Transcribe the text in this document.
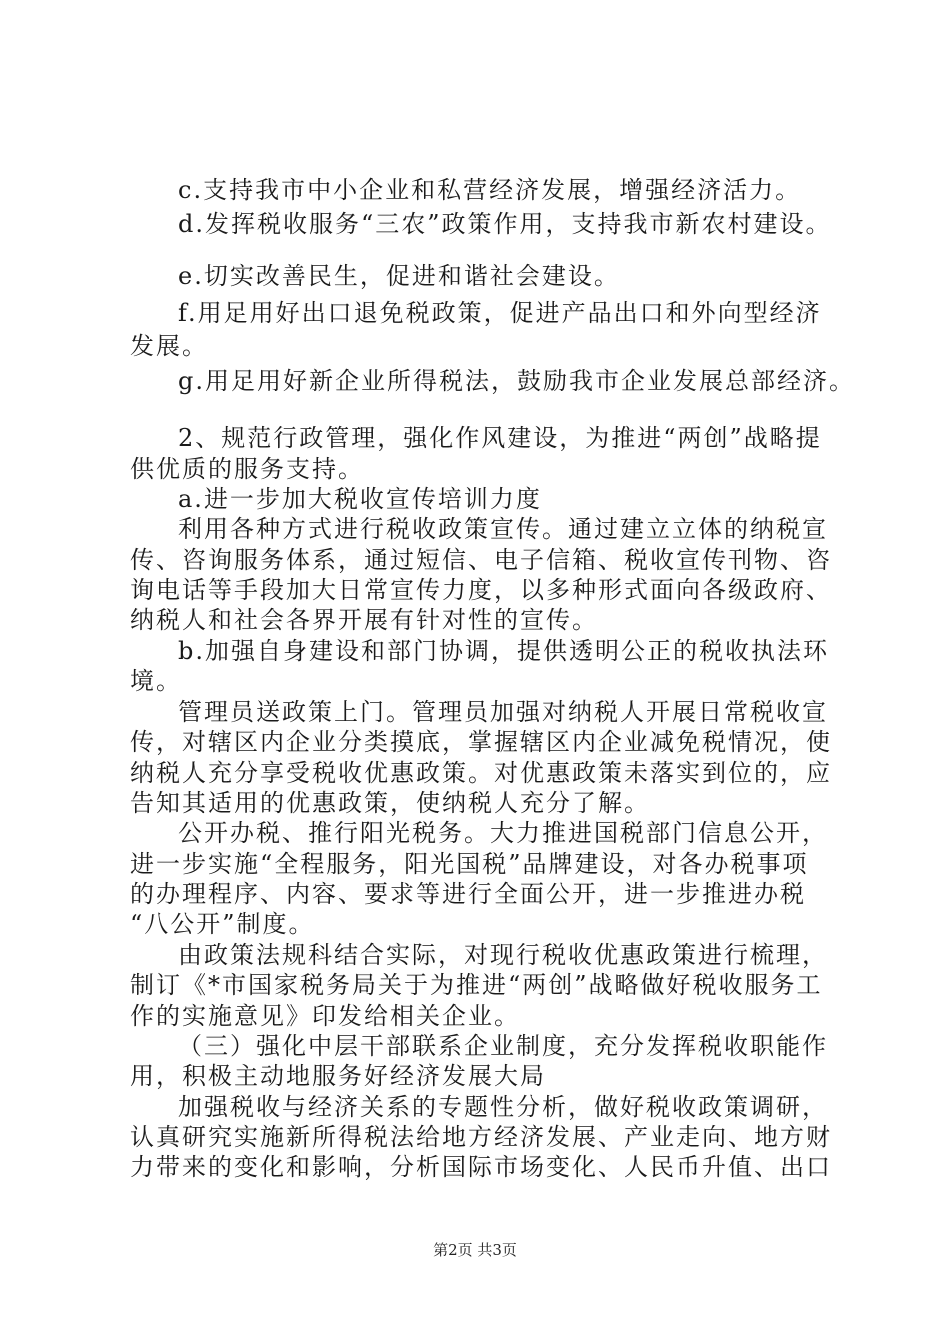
c.支持我市中小企业和私营经济发展，增强经济活力。
d.发挥税收服务“三农”政策作用，支持我市新农村建设。
e.切实改善民生，促进和谐社会建设。
f.用足用好出口退免税政策，促进产品出口和外向型经济
发展。
g.用足用好新企业所得税法，鼓励我市企业发展总部经济。
2、规范行政管理，强化作风建设，为推进“两创”战略提
供优质的服务支持。
a.进一步加大税收宣传培训力度
利用各种方式进行税收政策宣传。通过建立立体的纳税宣
传、咨询服务体系，通过短信、电子信箱、税收宣传刊物、咨
询电话等手段加大日常宣传力度，以多种形式面向各级政府、
纳税人和社会各界开展有针对性的宣传。
b.加强自身建设和部门协调，提供透明公正的税收执法环
境。
管理员送政策上门。管理员加强对纳税人开展日常税收宣
传，对辖区内企业分类摸底，掌握辖区内企业减免税情况，使
纳税人充分享受税收优惠政策。对优惠政策未落实到位的，应
告知其适用的优惠政策，使纳税人充分了解。
公开办税、推行阳光税务。大力推进国税部门信息公开，
进一步实施“全程服务，阳光国税”品牌建设，对各办税事项
的办理程序、内容、要求等进行全面公开，进一步推进办税
“八公开”制度。
由政策法规科结合实际，对现行税收优惠政策进行梳理，
制订《*市国家税务局关于为推进“两创”战略做好税收服务工
作的实施意见》印发给相关企业。
（三）强化中层干部联系企业制度，充分发挥税收职能作
用，积极主动地服务好经济发展大局
加强税收与经济关系的专题性分析，做好税收政策调研，
认真研究实施新所得税法给地方经济发展、产业走向、地方财
力带来的变化和影响，分析国际市场变化、人民币升值、出口
第2页 共3页
